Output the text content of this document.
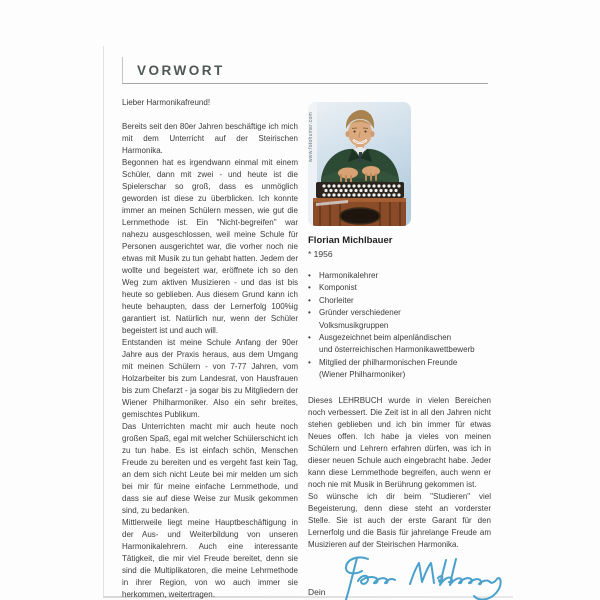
VORWORT
Lieber Harmonikafreund!

Bereits seit den 80er Jahren beschäftige ich mich mit dem Unterricht auf der Steirischen Harmonika.

Begonnen hat es irgendwann einmal mit einem Schüler, dann mit zwei - und heute ist die Spielerschar so groß, dass es unmöglich geworden ist diese zu überblicken. Ich konnte immer an meinen Schülern messen, wie gut die Lernmethode ist. Ein "Nicht-begreifen" war nahezu ausgeschlossen, weil meine Schule für Personen ausgerichtet war, die vorher noch nie etwas mit Musik zu tun gehabt hatten. Jedem der wollte und begeistert war, eröffnete ich so den Weg zum aktiven Musizieren - und das ist bis heute so geblieben. Aus diesem Grund kann ich heute behaupten, dass der Lernerfolg 100%ig garantiert ist. Natürlich nur, wenn der Schüler begeistert ist und auch will.

Entstanden ist meine Schule Anfang der 90er Jahre aus der Praxis heraus, aus dem Umgang mit meinen Schülern - von 7-77 Jahren, vom Holzarbeiter bis zum Landesrat, von Hausfrauen bis zum Chefarzt - ja sogar bis zu Mitgliedern der Wiener Philharmoniker. Also ein sehr breites, gemischtes Publikum.

Das Unterrichten macht mir auch heute noch großen Spaß, egal mit welcher Schülerschicht ich zu tun habe. Es ist einfach schön, Menschen Freude zu bereiten und es vergeht fast kein Tag, an dem sich nicht Leute bei mir melden um sich bei mir für meine einfache Lernmethode, und dass sie auf diese Weise zur Musik gekommen sind, zu bedanken.

Mittlerweile liegt meine Hauptbeschäftigung in der Aus- und Weiterbildung von unseren Harmonikalehrern. Auch eine interessante Tätigkeit, die mir viel Freude bereitet, denn sie sind die Multiplikatoren, die meine Lehrmethode in ihrer Region, von wo auch immer sie herkommen, weitertragen.

www.fotohumer.com
Florian Michlbauer
* 1956
•	Harmonikalehrer
•	Komponist
•	Chorleiter
•	Gründer verschiedener
Volksmusikgruppen
•	Ausgezeichnet beim alpenländischen
und österreichischen Harmonikawettbewerb
•	Mitglied der philharmonischen Freunde
(Wiener Philharmoniker)

Dieses LEHRBUCH wurde in vielen Bereichen noch verbessert. Die Zeit ist in all den Jahren nicht stehen geblieben und ich bin immer für etwas Neues offen. Ich habe ja vieles von meinen Schülern und Lehrern erfahren dürfen, was ich in dieser neuen Schule auch eingebracht habe. Jeder kann diese Lernmethode begreifen, auch wenn er noch nie mit Musik in Berührung gekommen ist.

So wünsche ich dir beim "Studieren" viel Begeisterung, denn diese steht an vorderster Stelle. Sie ist auch der erste Garant für den Lernerfolg und die Basis für jahrelange Freude am Musizieren auf der Steirischen Harmonika.

Dein
